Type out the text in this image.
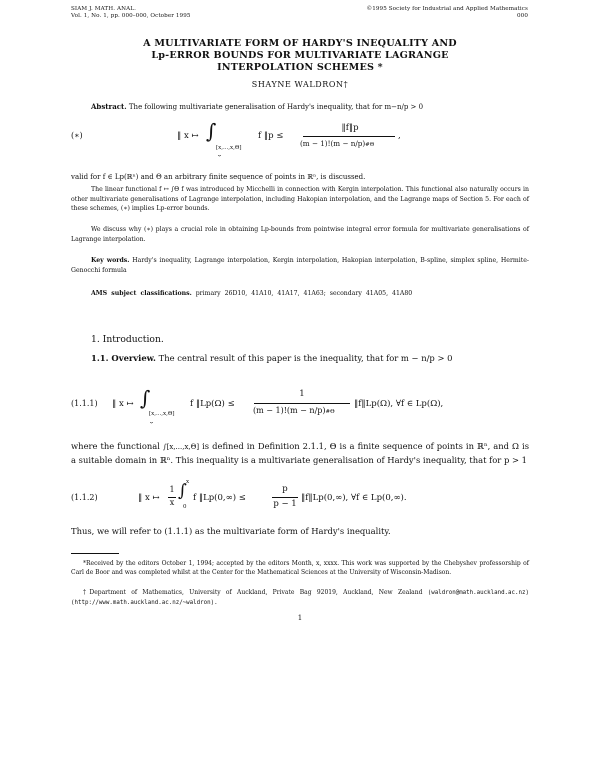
SIAM J. MATH. ANAL.
Vol. 1, No. 1, pp. 000–000, October 1995
©1995 Society for Industrial and Applied Mathematics
000
A MULTIVARIATE FORM OF HARDY'S INEQUALITY AND
Lp-ERROR BOUNDS FOR MULTIVARIATE LAGRANGE
INTERPOLATION SCHEMES *
SHAYNE WALDRON†
Abstract. The following multivariate generalisation of Hardy's inequality, that for m−n/p > 0
(∗)	‖ x ↦ ∫
[x,...,x,Θ]
⏟
f ‖p ≤
‖f‖p
(m − 1)!(m − n/p)#Θ
,
valid for f ∈ Lp(ℝⁿ) and Θ an arbitrary finite sequence of points in ℝⁿ, is discussed.
The linear functional f ↦ ∫Θ f was introduced by Micchelli in connection with Kergin interpolation. This functional also naturally occurs in other multivariate generalisations of Lagrange interpolation, including Hakopian interpolation, and the Lagrange maps of Section 5. For each of these schemes, (∗) implies Lp-error bounds.
We discuss why (∗) plays a crucial role in obtaining Lp-bounds from pointwise integral error formula for multivariate generalisations of Lagrange interpolation.
Key words. Hardy's inequality, Lagrange interpolation, Kergin interpolation, Hakopian interpolation, B-spline, simplex spline, Hermite-Genocchi formula
AMS subject classifications. primary 26D10, 41A10, 41A17, 41A63; secondary 41A05, 41A80
1. Introduction.
1.1. Overview. The central result of this paper is the inequality, that for m − n/p > 0
(1.1.1) ‖ x ↦ ∫
[x,...,x,Θ]
⏟
f ‖Lp(Ω) ≤
1
(m − 1)!(m − n/p)#Θ
‖f‖Lp(Ω), ∀f ∈ Lp(Ω),
where the functional ∫[x,...,x,Θ] is defined in Definition 2.1.1, Θ is a finite sequence of points in ℝⁿ, and Ω is a suitable domain in ℝⁿ. This inequality is a multivariate generalisation of Hardy's inequality, that for p > 1
(1.1.2)	‖ x ↦
1
x
∫ x
0
f ‖Lp(0,∞) ≤
p
p − 1
‖f‖Lp(0,∞), ∀f ∈ Lp(0,∞).
Thus, we will refer to (1.1.1) as the multivariate form of Hardy's inequality.
*Received by the editors October 1, 1994; accepted by the editors Month, x, xxxx. This work was supported by the Chebyshev professorship of Carl de Boor and was completed whilst at the Center for the Mathematical Sciences at the University of Wisconsin-Madison.
†Department of Mathematics, University of Auckland, Private Bag 92019, Auckland, New Zealand (waldron@math.auckland.ac.nz) (http://www.math.auckland.ac.nz/~waldron).
1
